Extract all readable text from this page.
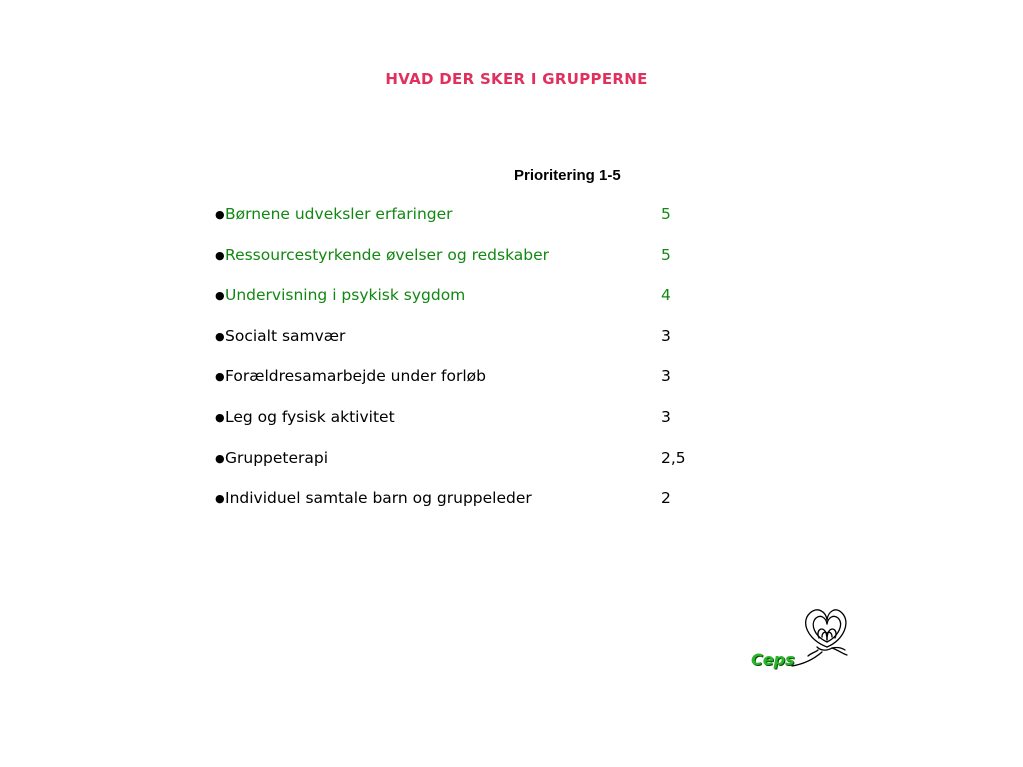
HVAD DER SKER I GRUPPERNE
Prioritering 1-5
● Børnene udveksler erfaringer	5
● Ressourcestyrkende øvelser og redskaber	5
● Undervisning i psykisk sygdom	4
● Socialt samvær	3
● Forældresamarbejde under forløb	3
● Leg og fysisk aktivitet	3
● Gruppeterapi	2,5
● Individuel samtale barn og gruppeleder	2
Ceps
